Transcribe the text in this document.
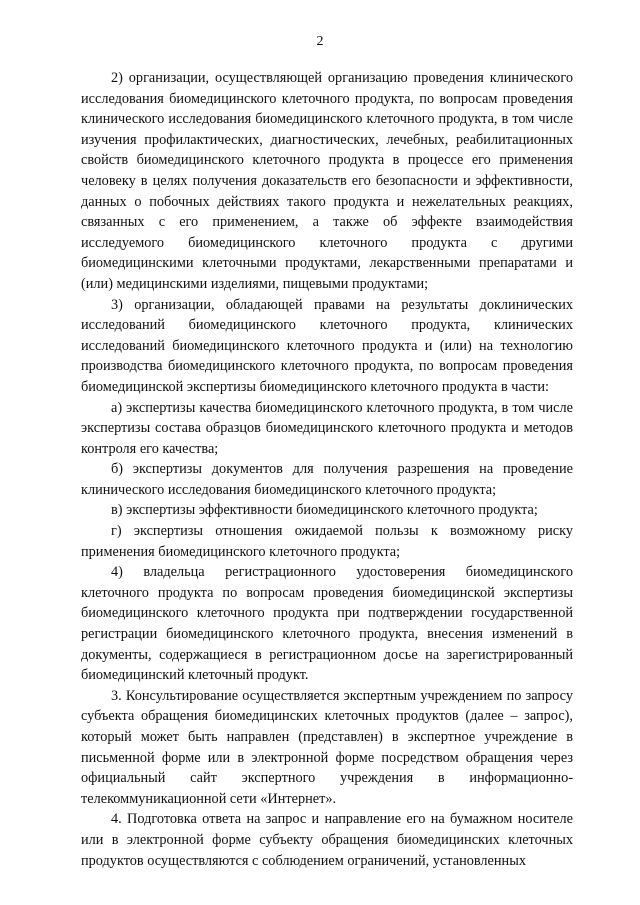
2

2) организации, осуществляющей организацию проведения клинического исследования биомедицинского клеточного продукта, по вопросам проведения клинического исследования биомедицинского клеточного продукта, в том числе изучения профилактических, диагностических, лечебных, реабилитационных свойств биомедицинского клеточного продукта в процессе его применения человеку в целях получения доказательств его безопасности и эффективности, данных о побочных действиях такого продукта и нежелательных реакциях, связанных с его применением, а также об эффекте взаимодействия исследуемого биомедицинского клеточного продукта с другими биомедицинскими клеточными продуктами, лекарственными препаратами и (или) медицинскими изделиями, пищевыми продуктами;

3) организации, обладающей правами на результаты доклинических исследований биомедицинского клеточного продукта, клинических исследований биомедицинского клеточного продукта и (или) на технологию производства биомедицинского клеточного продукта, по вопросам проведения биомедицинской экспертизы биомедицинского клеточного продукта в части:

а) экспертизы качества биомедицинского клеточного продукта, в том числе экспертизы состава образцов биомедицинского клеточного продукта и методов контроля его качества;

б) экспертизы документов для получения разрешения на проведение клинического исследования биомедицинского клеточного продукта;

в) экспертизы эффективности биомедицинского клеточного продукта;

г) экспертизы отношения ожидаемой пользы к возможному риску применения биомедицинского клеточного продукта;

4) владельца регистрационного удостоверения биомедицинского клеточного продукта по вопросам проведения биомедицинской экспертизы биомедицинского клеточного продукта при подтверждении государственной регистрации биомедицинского клеточного продукта, внесения изменений в документы, содержащиеся в регистрационном досье на зарегистрированный биомедицинский клеточный продукт.

3. Консультирование осуществляется экспертным учреждением по запросу субъекта обращения биомедицинских клеточных продуктов (далее – запрос), который может быть направлен (представлен) в экспертное учреждение в письменной форме или в электронной форме посредством обращения через официальный сайт экспертного учреждения в информационно-телекоммуникационной сети «Интернет».

4. Подготовка ответа на запрос и направление его на бумажном носителе или в электронной форме субъекту обращения биомедицинских клеточных продуктов осуществляются с соблюдением ограничений, установленных
